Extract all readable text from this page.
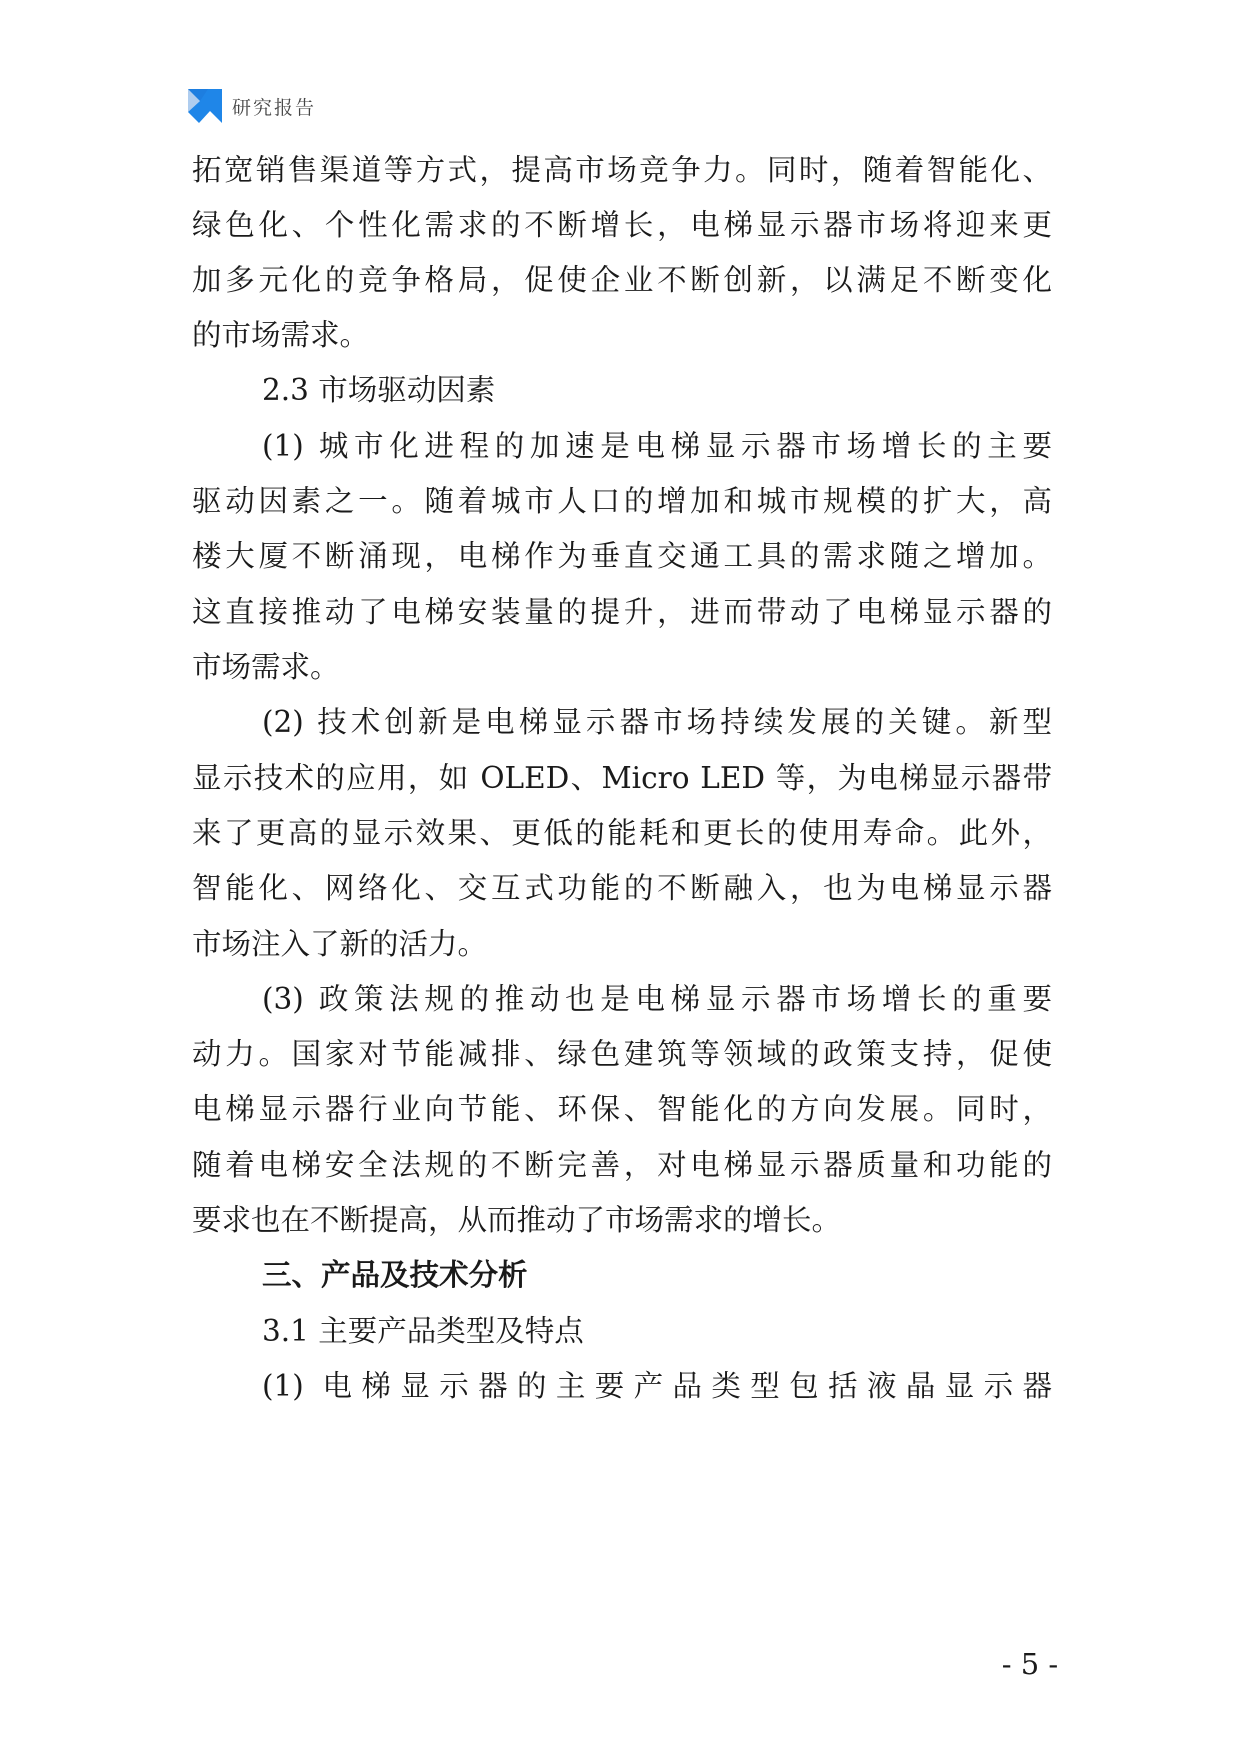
研究报告
拓宽销售渠道等方式，提高市场竞争力。同时，随着智能化、
绿色化、个性化需求的不断增长，电梯显示器市场将迎来更
加多元化的竞争格局，促使企业不断创新，以满足不断变化
的市场需求。
2.3 市场驱动因素
(1) 城市化进程的加速是电梯显示器市场增长的主要
驱动因素之一。随着城市人口的增加和城市规模的扩大，高
楼大厦不断涌现，电梯作为垂直交通工具的需求随之增加。
这直接推动了电梯安装量的提升，进而带动了电梯显示器的
市场需求。
(2) 技术创新是电梯显示器市场持续发展的关键。新型
显示技术的应用，如 OLED、Micro LED 等，为电梯显示器带
来了更高的显示效果、更低的能耗和更长的使用寿命。此外，
智能化、网络化、交互式功能的不断融入，也为电梯显示器
市场注入了新的活力。
(3) 政策法规的推动也是电梯显示器市场增长的重要
动力。国家对节能减排、绿色建筑等领域的政策支持，促使
电梯显示器行业向节能、环保、智能化的方向发展。同时，
随着电梯安全法规的不断完善，对电梯显示器质量和功能的
要求也在不断提高，从而推动了市场需求的增长。
三、产品及技术分析
3.1 主要产品类型及特点
(1) 电梯显示器的主要产品类型包括液晶显示器
- 5 -
